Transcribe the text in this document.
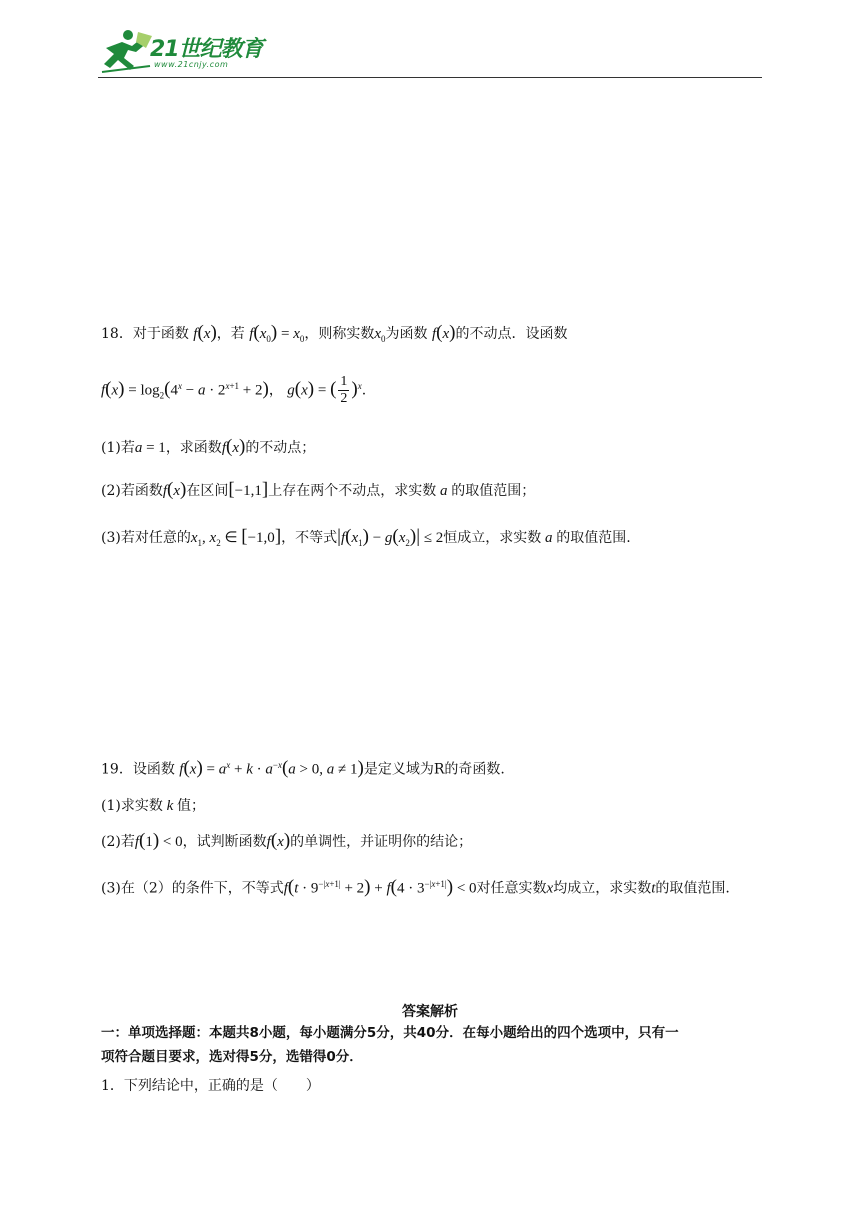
21世纪教育
www.21cnjy.com
18．对于函数 f(x)，若 $f(x_0) = x_0$，则称实数$x_0$为函数 f(x)的不动点．设函数
$f(x) = \log_2(4^x - a \cdot 2^{x+1} + 2)$， g(x) = ( $\frac{1}{2} )^x$.
(1)若a = 1，求函数f(x)的不动点；
(2)若函数f(x)在区间[−1,1]上存在两个不动点，求实数 a 的取值范围；
(3)若对任意的$x_1$, $x_2$ ∈ [−1,0]，不等式$|f(x_1) - g(x_2)| \le 2$恒成立，求实数 a 的取值范围.
19．设函数 $f(x) = a^x + k \cdot a^{-x}(a > 0$, a ≠ 1)是定义域为R的奇函数.
(1)求实数 k 值；
(2)若f(1) < 0，试判断函数f(x)的单调性，并证明你的结论；
(3)在（2）的条件下，不等式$f(t \cdot 9^{-|x+1|} + 2) + f(4 \cdot 3^{-|x+1|}) < 0$对任意实数x均成立，求实数t的取值范围.
答案解析
一：单项选择题：本题共8小题，每小题满分5分，共40分．在每小题给出的四个选项中，只有一
项符合题目要求，选对得5分，选错得0分．
1．下列结论中，正确的是（　　）
